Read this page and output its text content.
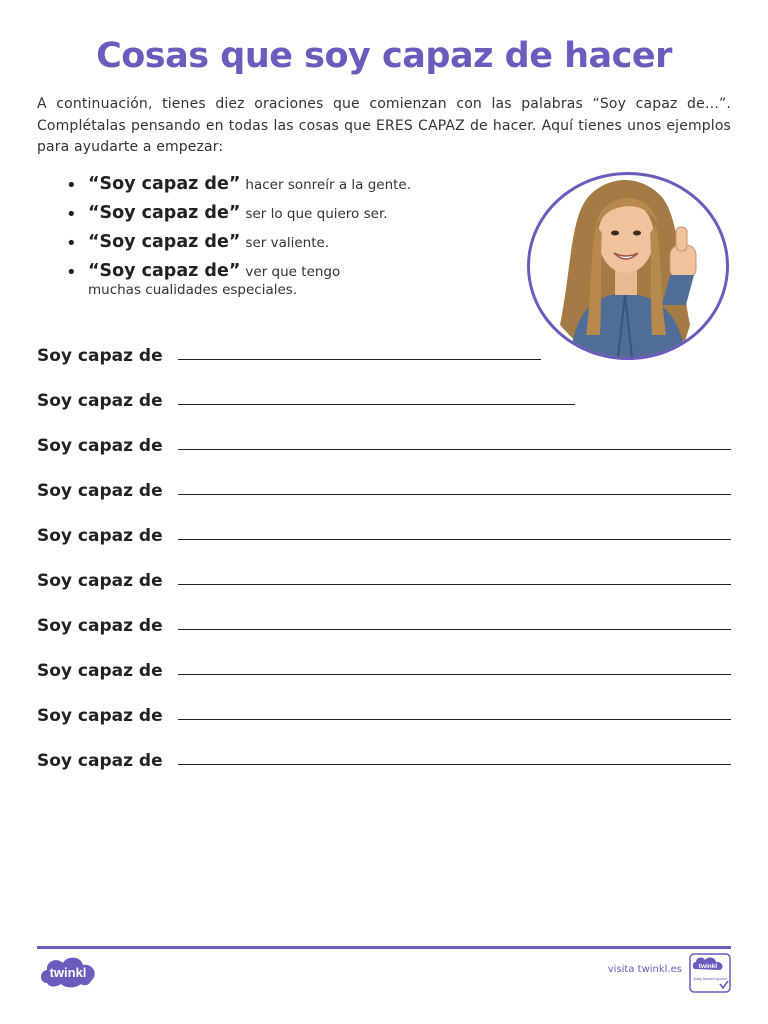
Cosas que soy capaz de hacer
A continuación, tienes diez oraciones que comienzan con las palabras “Soy capaz de…”. Complétalas pensando en todas las cosas que ERES CAPAZ de hacer. Aquí tienes unos ejemplos para ayudarte a empezar:
• “Soy capaz de” hacer sonreír a la gente.
• “Soy capaz de” ser lo que quiero ser.
• “Soy capaz de” ser valiente.
• “Soy capaz de” ver que tengo
muchas cualidades especiales.
Soy capaz de
Soy capaz de
Soy capaz de
Soy capaz de
Soy capaz de
Soy capaz de
Soy capaz de
Soy capaz de
Soy capaz de
Soy capaz de
twinkl	visita twinkl.es	twinkl
Quality Standard Approved
